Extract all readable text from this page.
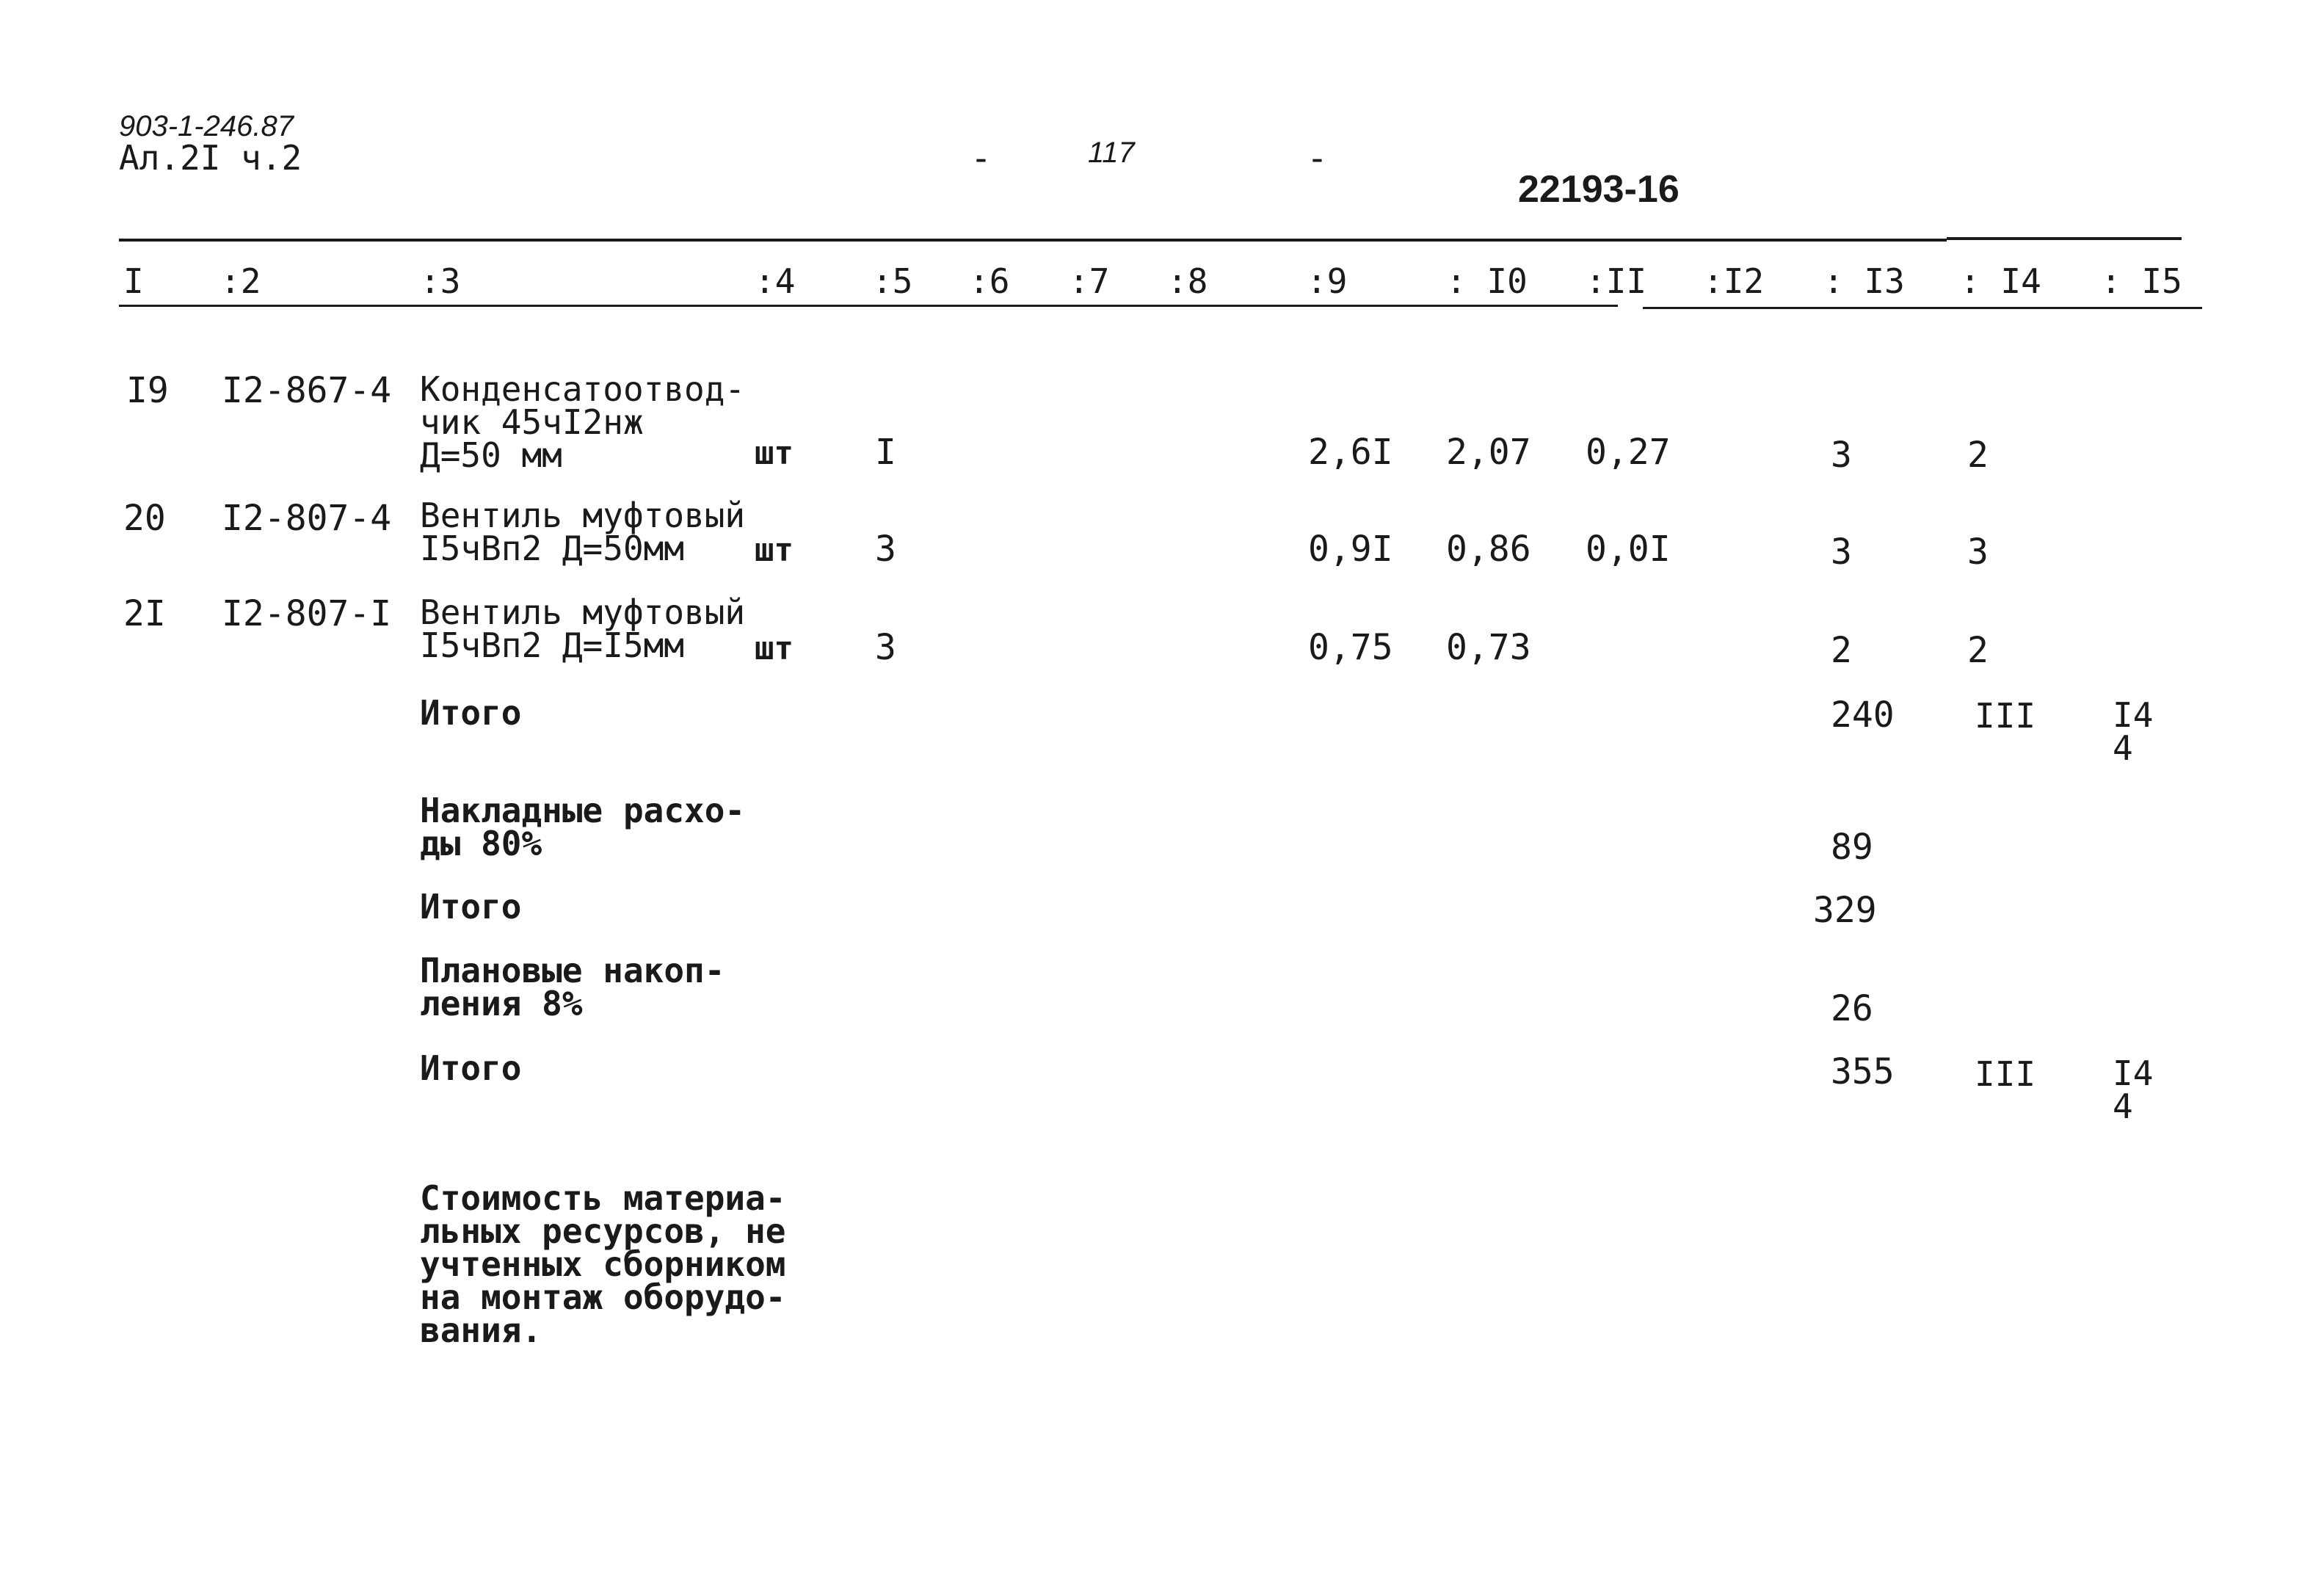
903-1-246.87
Ал.2I ч.2	-	117	-
22193-16
I :2	:3	:4 :5 :6 :7 :8	:9	: I0 :II :I2 : I3 : I4 : I5
I9 I2-867-4 Конденсатоотвод-
чик 45чI2нж
Д=50 мм	шт I	2,6I 2,07 0,27	3	2
20 I2-807-4 Вентиль муфтовый
I5чВп2 Д=50мм	шт 3	0,9I 0,86 0,0I	3	3
2I I2-807-I Вентиль муфтовый
I5чВп2 Д=I5мм	шт 3	0,75 0,73	2	2
Итого	240 III I4
4
Накладные расхо-
ды 80%	89
Итого	329
Плановые накоп-
ления 8%	26
Итого	355 III I4
4
Стоимость материа-
льных ресурсов, не
учтенных сборником
на монтаж оборудо-
вания.
